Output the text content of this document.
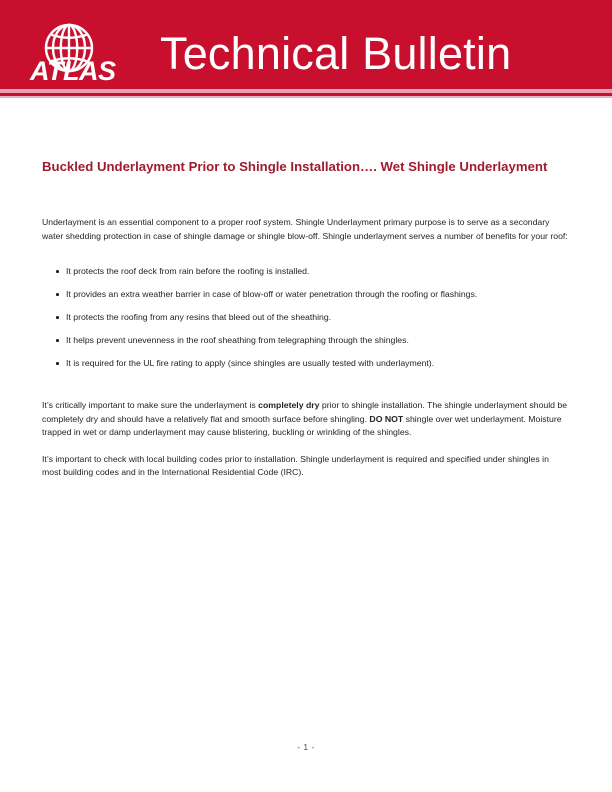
ATLAS Technical Bulletin
Buckled Underlayment Prior to Shingle Installation…. Wet Shingle Underlayment

Underlayment is an essential component to a proper roof system. Shingle Underlayment primary purpose is to serve as a secondary water shedding protection in case of shingle damage or shingle blow-off. Shingle underlayment serves a number of benefits for your roof:

It protects the roof deck from rain before the roofing is installed.
It provides an extra weather barrier in case of blow-off or water penetration through the roofing or flashings.
It protects the roofing from any resins that bleed out of the sheathing.
It helps prevent unevenness in the roof sheathing from telegraphing through the shingles.
It is required for the UL fire rating to apply (since shingles are usually tested with underlayment).

It’s critically important to make sure the underlayment is completely dry prior to shingle installation. The shingle underlayment should be completely dry and should have a relatively flat and smooth surface before shingling. DO NOT shingle over wet underlayment. Moisture trapped in wet or damp underlayment may cause blistering, buckling or wrinkling of the shingles.

It’s important to check with local building codes prior to installation. Shingle underlayment is required and specified under shingles in most building codes and in the International Residential Code (IRC).

- 1 -
